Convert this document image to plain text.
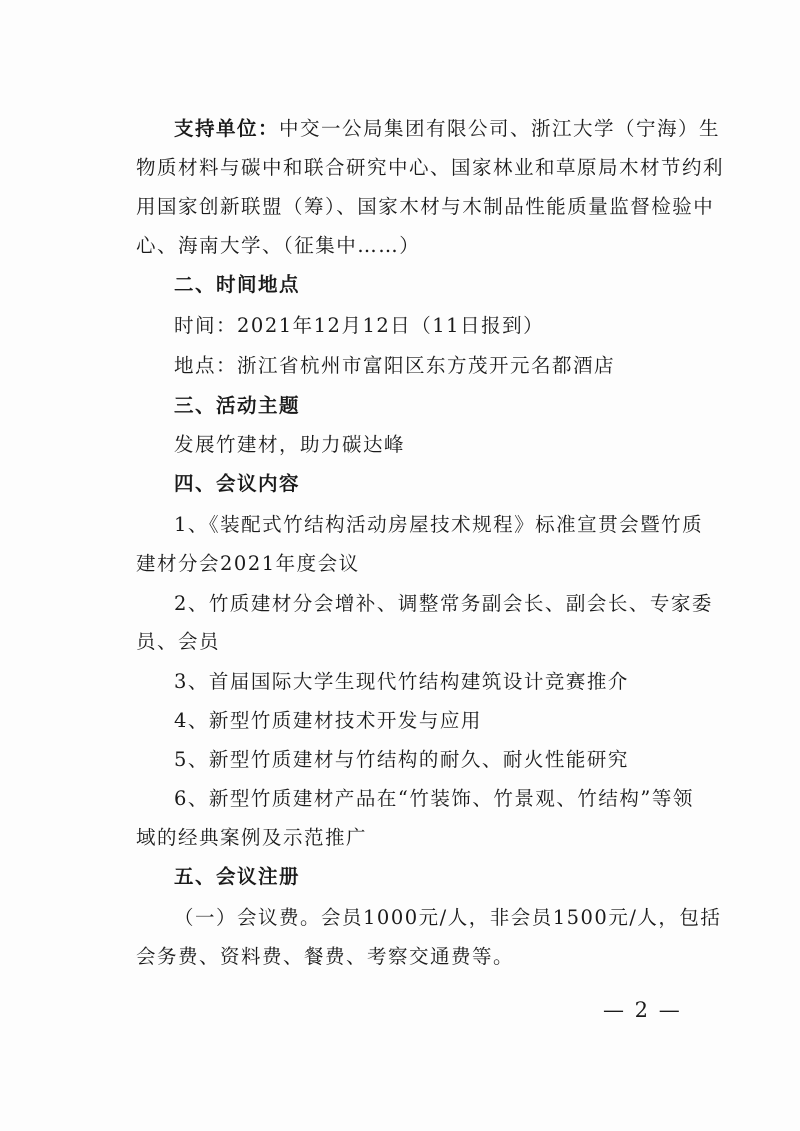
支持单位：中交一公局集团有限公司、浙江大学（宁海）生
物质材料与碳中和联合研究中心、国家林业和草原局木材节约利
用国家创新联盟（筹）、国家木材与木制品性能质量监督检验中
心、海南大学、（征集中……）
二、时间地点
时间：2021年12月12日（11日报到）
地点：浙江省杭州市富阳区东方茂开元名都酒店
三、活动主题
发展竹建材，助力碳达峰
四、会议内容
1、《装配式竹结构活动房屋技术规程》标准宣贯会暨竹质
建材分会2021年度会议
2、竹质建材分会增补、调整常务副会长、副会长、专家委
员、会员
3、首届国际大学生现代竹结构建筑设计竞赛推介
4、新型竹质建材技术开发与应用
5、新型竹质建材与竹结构的耐久、耐火性能研究
6、新型竹质建材产品在“竹装饰、竹景观、竹结构”等领
域的经典案例及示范推广
五、会议注册
（一）会议费。会员1000元/人，非会员1500元/人，包括
会务费、资料费、餐费、考察交通费等。
— 2 —
